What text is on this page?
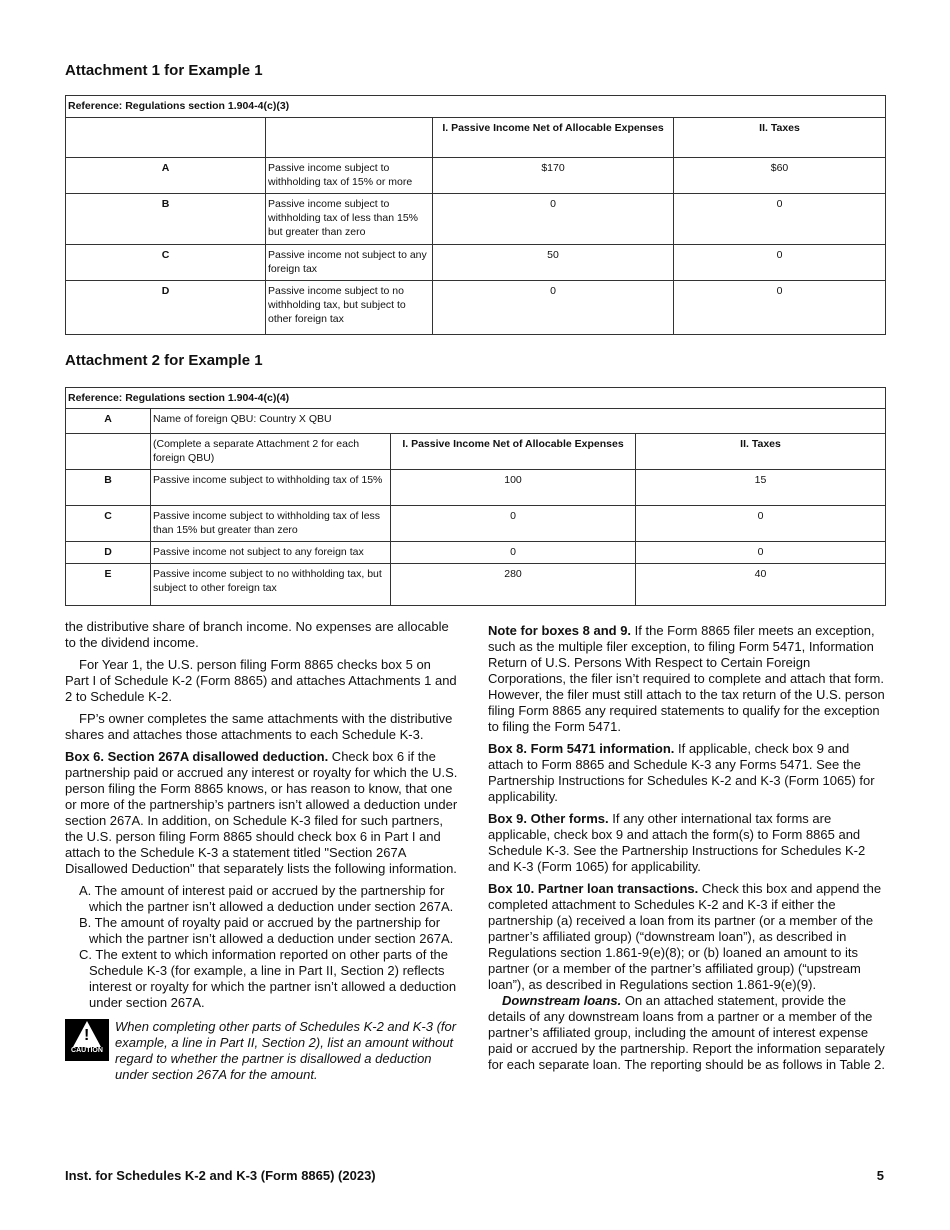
Attachment 1 for Example 1
Reference: Regulations section 1.904-4(c)(3)			
		I. Passive Income Net of Allocable Expenses	II. Taxes
A	Passive income subject to withholding tax of 15% or more	$170	$60
B	Passive income subject to withholding tax of less than 15% but greater than zero	0	0
C	Passive income not subject to any foreign tax	50	0
D	Passive income subject to no withholding tax, but subject to other foreign tax	0	0
Attachment 2 for Example 1
Reference: Regulations section 1.904-4(c)(4)			
A	Name of foreign QBU: Country X QBU		
	(Complete a separate Attachment 2 for each foreign QBU)	I. Passive Income Net of Allocable Expenses	II. Taxes
B	Passive income subject to withholding tax of 15%	100	15
C	Passive income subject to withholding tax of less than 15% but greater than zero	0	0
D	Passive income not subject to any foreign tax	0	0
E	Passive income subject to no withholding tax, but subject to other foreign tax	280	40

the distributive share of branch income. No expenses are allocable to the dividend income.

For Year 1, the U.S. person filing Form 8865 checks box 5 on Part I of Schedule K-2 (Form 8865) and attaches Attachments 1 and 2 to Schedule K-2.

FP’s owner completes the same attachments with the distributive shares and attaches those attachments to each Schedule K-3.

Box 6. Section 267A disallowed deduction. Check box 6 if the partnership paid or accrued any interest or royalty for which the U.S. person filing the Form 8865 knows, or has reason to know, that one or more of the partnership’s partners isn’t allowed a deduction under section 267A. In addition, on Schedule K-3 filed for such partners, the U.S. person filing Form 8865 should check box 6 in Part I and attach to the Schedule K-3 a statement titled "Section 267A Disallowed Deduction" that separately lists the following information.

A. The amount of interest paid or accrued by the partnership for which the partner isn’t allowed a deduction under section 267A.

B. The amount of royalty paid or accrued by the partnership for which the partner isn’t allowed a deduction under section 267A.

C. The extent to which information reported on other parts of the Schedule K-3 (for example, a line in Part II, Section 2) reflects interest or royalty for which the partner isn’t allowed a deduction under section 267A.

!
CAUTION
When completing other parts of Schedules K-2 and K-3 (for example, a line in Part II, Section 2), list an amount without regard to whether the partner is disallowed a deduction under section 267A for the amount.

Note for boxes 8 and 9. If the Form 8865 filer meets an exception, such as the multiple filer exception, to filing Form 5471, Information Return of U.S. Persons With Respect to Certain Foreign Corporations, the filer isn’t required to complete and attach that form. However, the filer must still attach to the tax return of the U.S. person filing Form 8865 any required statements to qualify for the exception to filing the Form 5471.

Box 8. Form 5471 information. If applicable, check box 9 and attach to Form 8865 and Schedule K-3 any Forms 5471. See the Partnership Instructions for Schedules K-2 and K-3 (Form 1065) for applicability.

Box 9. Other forms. If any other international tax forms are applicable, check box 9 and attach the form(s) to Form 8865 and Schedule K-3. See the Partnership Instructions for Schedules K-2 and K-3 (Form 1065) for applicability.

Box 10. Partner loan transactions. Check this box and append the completed attachment to Schedules K-2 and K-3 if either the partnership (a) received a loan from its partner (or a member of the partner’s affiliated group) (“downstream loan”), as described in Regulations section 1.861-9(e)(8); or (b) loaned an amount to its partner (or a member of the partner’s affiliated group) (“upstream loan”), as described in Regulations section 1.861-9(e)(9).

Downstream loans. On an attached statement, provide the details of any downstream loans from a partner or a member of the partner’s affiliated group, including the amount of interest expense paid or accrued by the partnership. Report the information separately for each separate loan. The reporting should be as follows in Table 2.

Inst. for Schedules K-2 and K-3 (Form 8865) (2023)	5
